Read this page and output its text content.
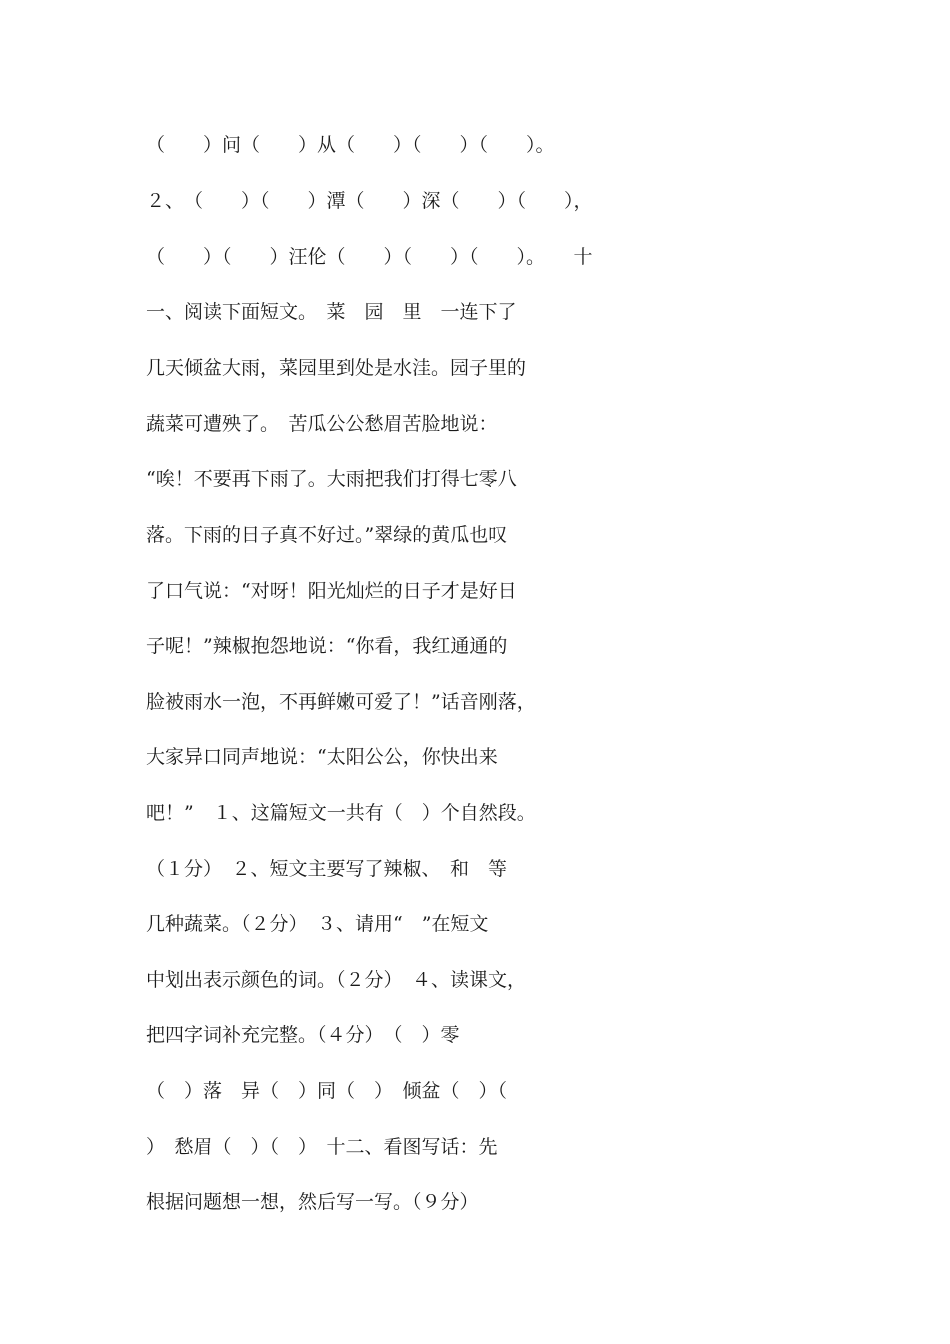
（　　）问（　　）从（　　）（　　）（　　）。

２、　（　　）（　　）潭（　　）深（　　）（　　），

（　　）（　　）汪伦（　　）（　　）（　　）。　　十

一、阅读下面短文。　菜　园　里　一连下了

几天倾盆大雨，菜园里到处是水洼。园子里的

蔬菜可遭殃了。　苦瓜公公愁眉苦脸地说：

“唉！不要再下雨了。大雨把我们打得七零八

落。下雨的日子真不好过。”翠绿的黄瓜也叹

了口气说：“对呀！阳光灿烂的日子才是好日

子呢！”辣椒抱怨地说：“你看，我红通通的

脸被雨水一泡，不再鲜嫩可爱了！”话音刚落，

大家异口同声地说：“太阳公公，你快出来

吧！”　１、这篇短文一共有（　）个自然段。

（１分）　２、短文主要写了辣椒、　和　等

几种蔬菜。（２分）　３、请用“　”在短文

中划出表示颜色的词。（２分）　４、读课文，

把四字词补充完整。（４分）　（　）零

（　）落　异（　）同（　）　倾盆（　）（

）　愁眉（　）（　）　十二、看图写话：先

根据问题想一想，然后写一写。（９分）
